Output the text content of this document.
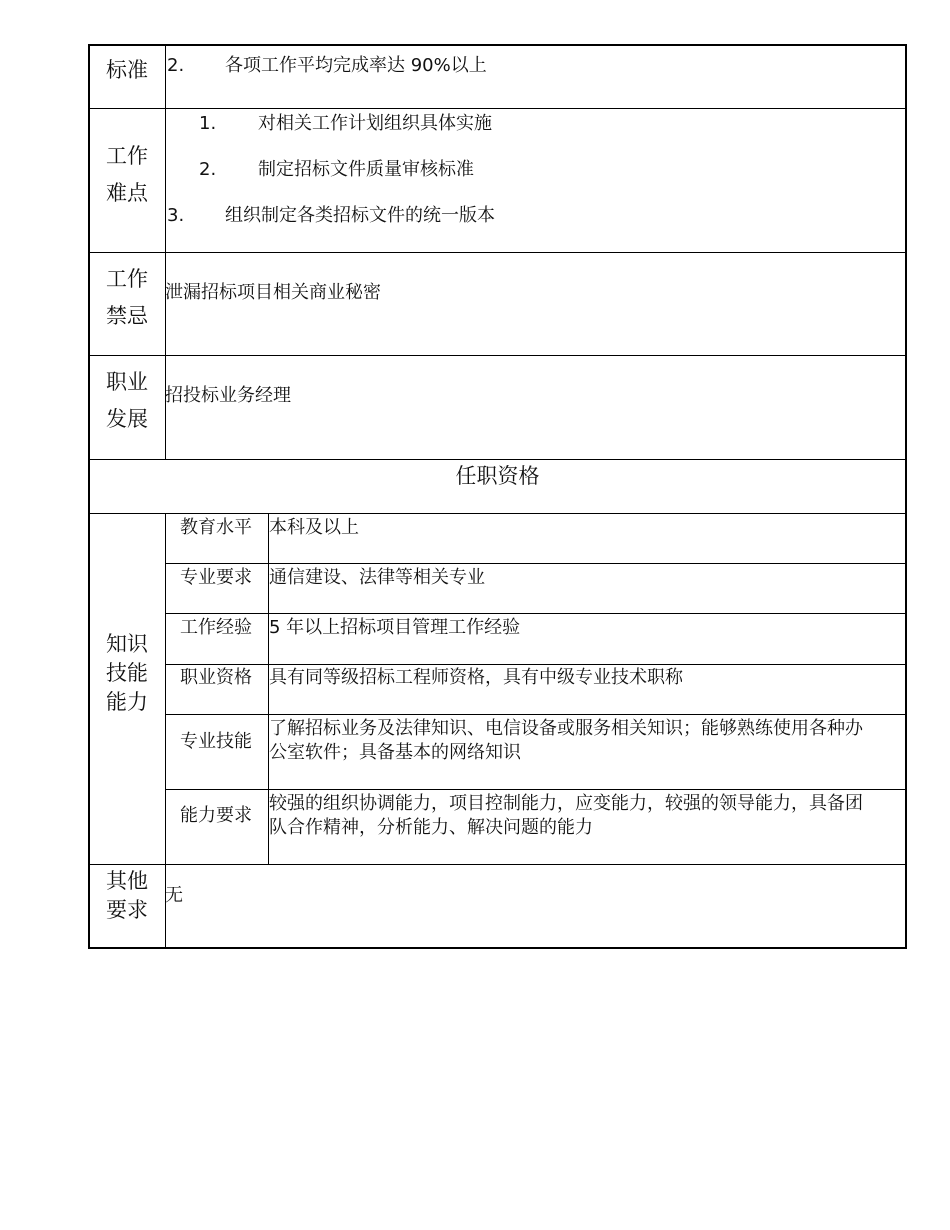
标准	2. 各项工作平均完成率达 90%以上
工作
难点
1. 对相关工作计划组织具体实施
2. 制定招标文件质量审核标准
3. 组织制定各类招标文件的统一版本
工作
禁忌
泄漏招标项目相关商业秘密
职业
发展
招投标业务经理
任职资格
知识
技能
能力
教育水平 本科及以上
专业要求 通信建设、法律等相关专业
工作经验 5 年以上招标项目管理工作经验
职业资格 具有同等级招标工程师资格，具有中级专业技术职称
专业技能
了解招标业务及法律知识、电信设备或服务相关知识；能够熟练使用各种办
公室软件；具备基本的网络知识
能力要求
较强的组织协调能力，项目控制能力，应变能力，较强的领导能力，具备团
队合作精神，分析能力、解决问题的能力
其他
要求
无
